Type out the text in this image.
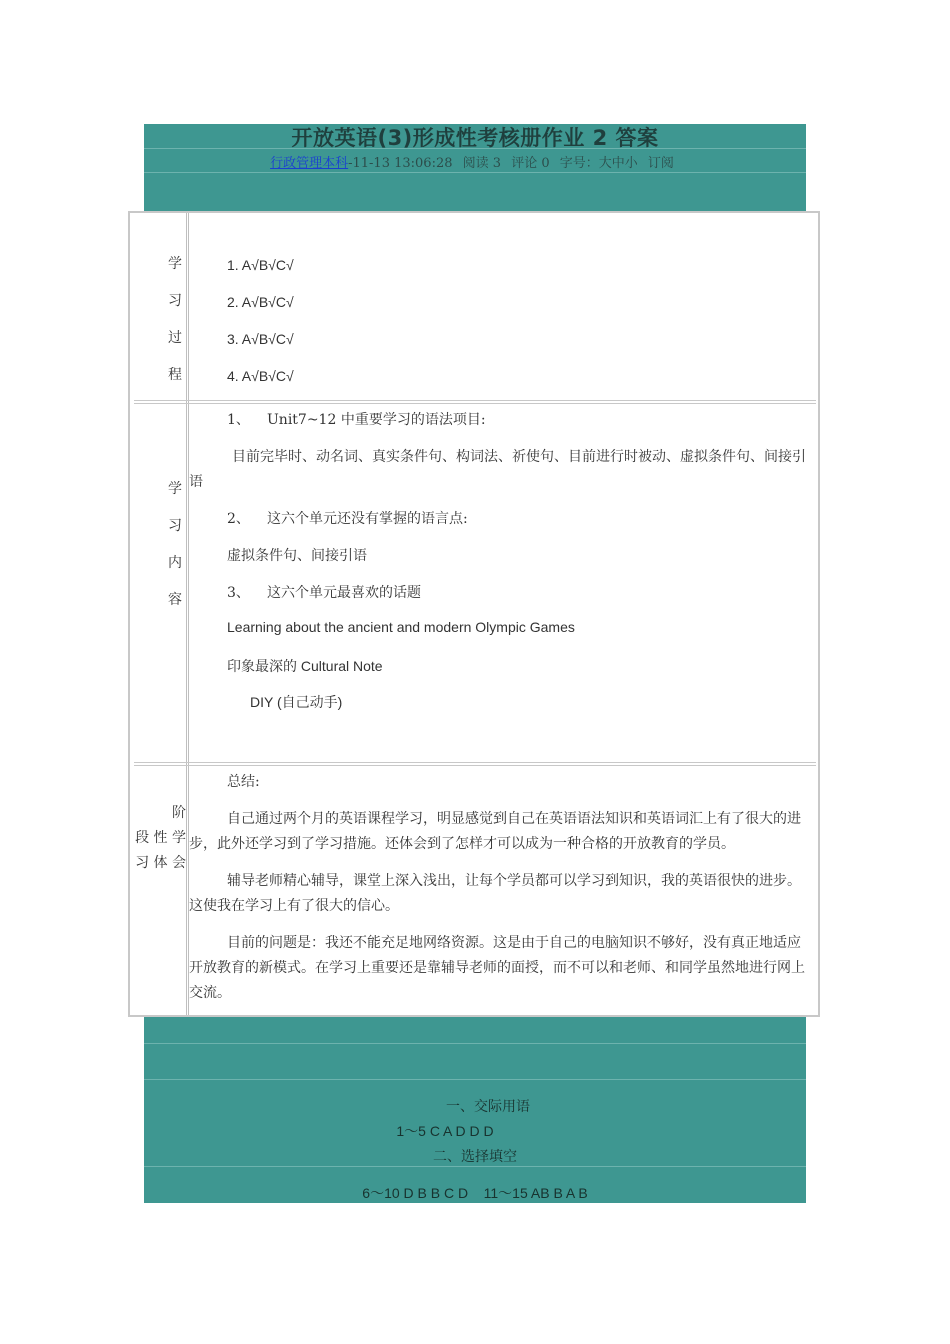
开放英语(3)形成性考核册作业 2 答案
行政管理本科-11-13 13:06:28 阅读 3 评论 0 字号：大中小 订阅
学
习
过
程
1. A√B√C√
2. A√B√C√
3. A√B√C√
4. A√B√C√
学
习
内
容
1、 Unit7~12 中重要学习的语法项目:
目前完毕时、动名词、真实条件句、构词法、祈使句、目前进行时被动、虚拟条件句、间接引
语
2、 这六个单元还没有掌握的语言点:
虚拟条件句、间接引语
3、 这六个单元最喜欢的话题
Learning about the ancient and modern Olympic Games
印象最深的 Cultural Note
DIY (自己动手)
阶
段 性 学
习 体 会
总结:
自己通过两个月的英语课程学习，明显感觉到自己在英语语法知识和英语词汇上有了很大的进
步，此外还学习到了学习措施。还体会到了怎样才可以成为一种合格的开放教育的学员。
辅导老师精心辅导，课堂上深入浅出，让每个学员都可以学习到知识，我的英语很快的进步。
这使我在学习上有了很大的信心。
目前的问题是：我还不能充足地网络资源。这是由于自己的电脑知识不够好，没有真正地适应
开放教育的新模式。在学习上重要还是靠辅导老师的面授，而不可以和老师、和同学虽然地进行网上
交流。
一、交际用语
1～5 C A D D D
二、选择填空
6～10 D B B C D    11～15 AB B A B
